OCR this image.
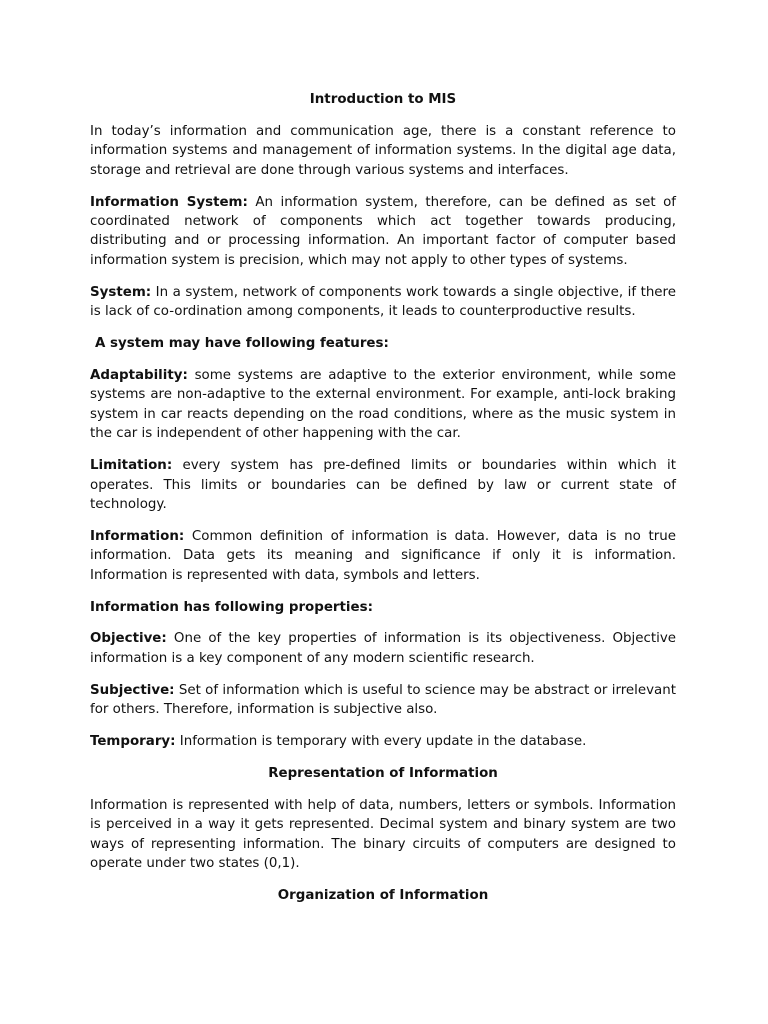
Introduction to MIS

In today’s information and communication age, there is a constant reference to information systems and management of information systems. In the digital age data, storage and retrieval are done through various systems and interfaces.

Information System: An information system, therefore, can be defined as set of coordinated network of components which act together towards producing, distributing and or processing information. An important factor of computer based information system is precision, which may not apply to other types of systems.

System: In a system, network of components work towards a single objective, if there is lack of co-ordination among components, it leads to counterproductive results.

A system may have following features:

Adaptability: some systems are adaptive to the exterior environment, while some systems are non-adaptive to the external environment. For example, anti-lock braking system in car reacts depending on the road conditions, where as the music system in the car is independent of other happening with the car.

Limitation: every system has pre-defined limits or boundaries within which it operates. This limits or boundaries can be defined by law or current state of technology.

Information: Common definition of information is data. However, data is no true information. Data gets its meaning and significance if only it is information. Information is represented with data, symbols and letters.

Information has following properties:

Objective: One of the key properties of information is its objectiveness. Objective information is a key component of any modern scientific research.

Subjective: Set of information which is useful to science may be abstract or irrelevant for others. Therefore, information is subjective also.

Temporary: Information is temporary with every update in the database.

Representation of Information

Information is represented with help of data, numbers, letters or symbols. Information is perceived in a way it gets represented. Decimal system and binary system are two ways of representing information. The binary circuits of computers are designed to operate under two states (0,1).

Organization of Information
